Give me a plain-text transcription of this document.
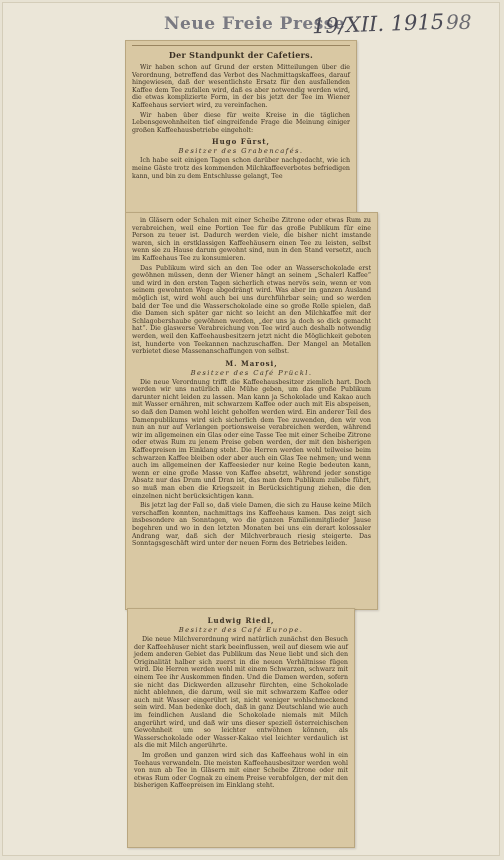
Neue Freie Presse
19/XII. 1915 98
Der Standpunkt der Cafetiers.

Wir haben schon auf Grund der ersten Mitteilungen über die Verordnung, betreffend das Verbot des Nachmittagskaffees, darauf hingewiesen, daß der wesentlichste Ersatz für den ausfallenden Kaffee dem Tee zufallen wird, daß es aber notwendig werden wird, die etwas komplizierte Form, in der bis jetzt der Tee im Wiener Kaffeehaus serviert wird, zu vereinfachen.

Wir haben über diese für weite Kreise in die täglichen Lebensgewohnheiten tief eingreifende Frage die Meinung einiger großen Kaffeehausbetriebe eingeholt:

Hugo Fürst,
Besitzer des Grabencafés.

Ich habe seit einigen Tagen schon darüber nachgedacht, wie ich meine Gäste trotz des kommenden Milchkaffeeverbotes befriedigen kann, und bin zu dem Entschlusse gelangt, Tee

in Gläsern oder Schalen mit einer Scheibe Zitrone oder etwas Rum zu verabreichen, weil eine Portion Tee für das große Publikum für eine Person zu teuer ist. Dadurch werden viele, die bisher nicht imstande waren, sich in erstklassigen Kaffeehäusern einen Tee zu leisten, selbst wenn sie zu Hause darum gewohnt sind, nun in den Stand versetzt, auch im Kaffeehaus Tee zu konsumieren.

Das Publikum wird sich an den Tee oder an Wasserschokolade erst gewöhnen müssen, denn der Wiener hängt an seinem „Schalerl Kaffee“ und wird in den ersten Tagen sicherlich etwas nervös sein, wenn er von seinem gewohnten Wege abgedrängt wird. Was aber im ganzen Ausland möglich ist, wird wohl auch bei uns durchführbar sein; und so werden bald der Tee und die Wasserschokolade eine so große Rolle spielen, daß die Damen sich später gar nicht so leicht an den Milchkaffee mit der Schlagobershaube gewöhnen werden, „der uns ja doch so dick gemacht hat“. Die glaswerse Verabreichung von Tee wird auch deshalb notwendig werden, weil den Kaffeehausbesitzern jetzt nicht die Möglichkeit geboten ist, hunderte von Teekannen nachzuschaffen. Der Mangel an Metallen verbietet diese Massenanschaffungen von selbst.

M. Marosi,
Besitzer des Café Prückl.

Die neue Verordnung trifft die Kaffeehausbesitzer ziemlich hart. Doch werden wir uns natürlich alle Mühe geben, um das große Publikum darunter nicht leiden zu lassen. Man kann ja Schokolade und Kakao auch mit Wasser ernähren, mit schwarzem Kaffee oder auch mit Eis abspeisen, so daß den Damen wohl leicht geholfen werden wird. Ein anderer Teil des Damenpublikums wird sich sicherlich dem Tee zuwenden, den wir von nun an nur auf Verlangen portionsweise verabreichen werden, während wir im allgemeinen ein Glas oder eine Tasse Tee mit einer Scheibe Zitrone oder etwas Rum zu jenem Preise geben werden, der mit den bisherigen Kaffeepreisen im Einklang steht. Die Herren werden wohl teilweise beim schwarzen Kaffee bleiben oder aber auch ein Glas Tee nehmen; und wenn auch im allgemeinen der Kaffeesieder nur keine Regie bedeuten kann, wenn er eine große Masse von Kaffee absetzt, während jeder sonstige Absatz nur das Drum und Dran ist, das man dem Publikum zuliebe führt, so muß man eben die Kriegszeit in Berücksichtigung ziehen, die den einzelnen nicht berücksichtigen kann.

Bis jetzt lag der Fall so, daß viele Damen, die sich zu Hause keine Milch verschaffen konnten, nachmittags ins Kaffeehaus kamen. Das zeigt sich insbesondere an Sonntagen, wo die ganzen Familienmitglieder Jause begehren und wo in den letzten Monaten bei uns ein derart kolossaler Andrang war, daß sich der Milchverbrauch riesig steigerte. Das Sonntagsgeschäft wird unter der neuen Form des Betriebes leiden.

Ludwig Riedl,
Besitzer des Café Europe.

Die neue Milchverordnung wird natürlich zunächst den Besuch der Kaffeehäuser nicht stark beeinflussen, weil auf diesem wie auf jedem anderen Gebiet das Publikum das Neue liebt und sich den Originalität halber sich zuerst in die neuen Verhältnisse fügen wird. Die Herren werden wohl mit einem Schwarzen, schwarz mit einem Tee ihr Auskommen finden. Und die Damen werden, sofern sie nicht das Dickwerden allzusehr fürchten, eine Schokolade nicht ablehnen, die darum, weil sie mit schwarzem Kaffee oder auch mit Wasser eingerührt ist, nicht weniger wohlschmeckend sein wird. Man bedenke doch, daß in ganz Deutschland wie auch im feindlichen Ausland die Schokolade niemals mit Milch angerührt wird, und daß wir uns dieser speziell österreichischen Gewohnheit um so leichter entwöhnen können, als Wasserschokolade oder Wasser-Kakao viel leichter verdaulich ist als die mit Milch angerührte.

Im großen und ganzen wird sich das Kaffeehaus wohl in ein Teehaus verwandeln. Die meisten Kaffeehausbesitzer werden wohl von nun ab Tee in Gläsern mit einer Scheibe Zitrone oder mit etwas Rum oder Cognak zu einem Preise verabfolgen, der mit den bisherigen Kaffeepreisen im Einklang steht.
